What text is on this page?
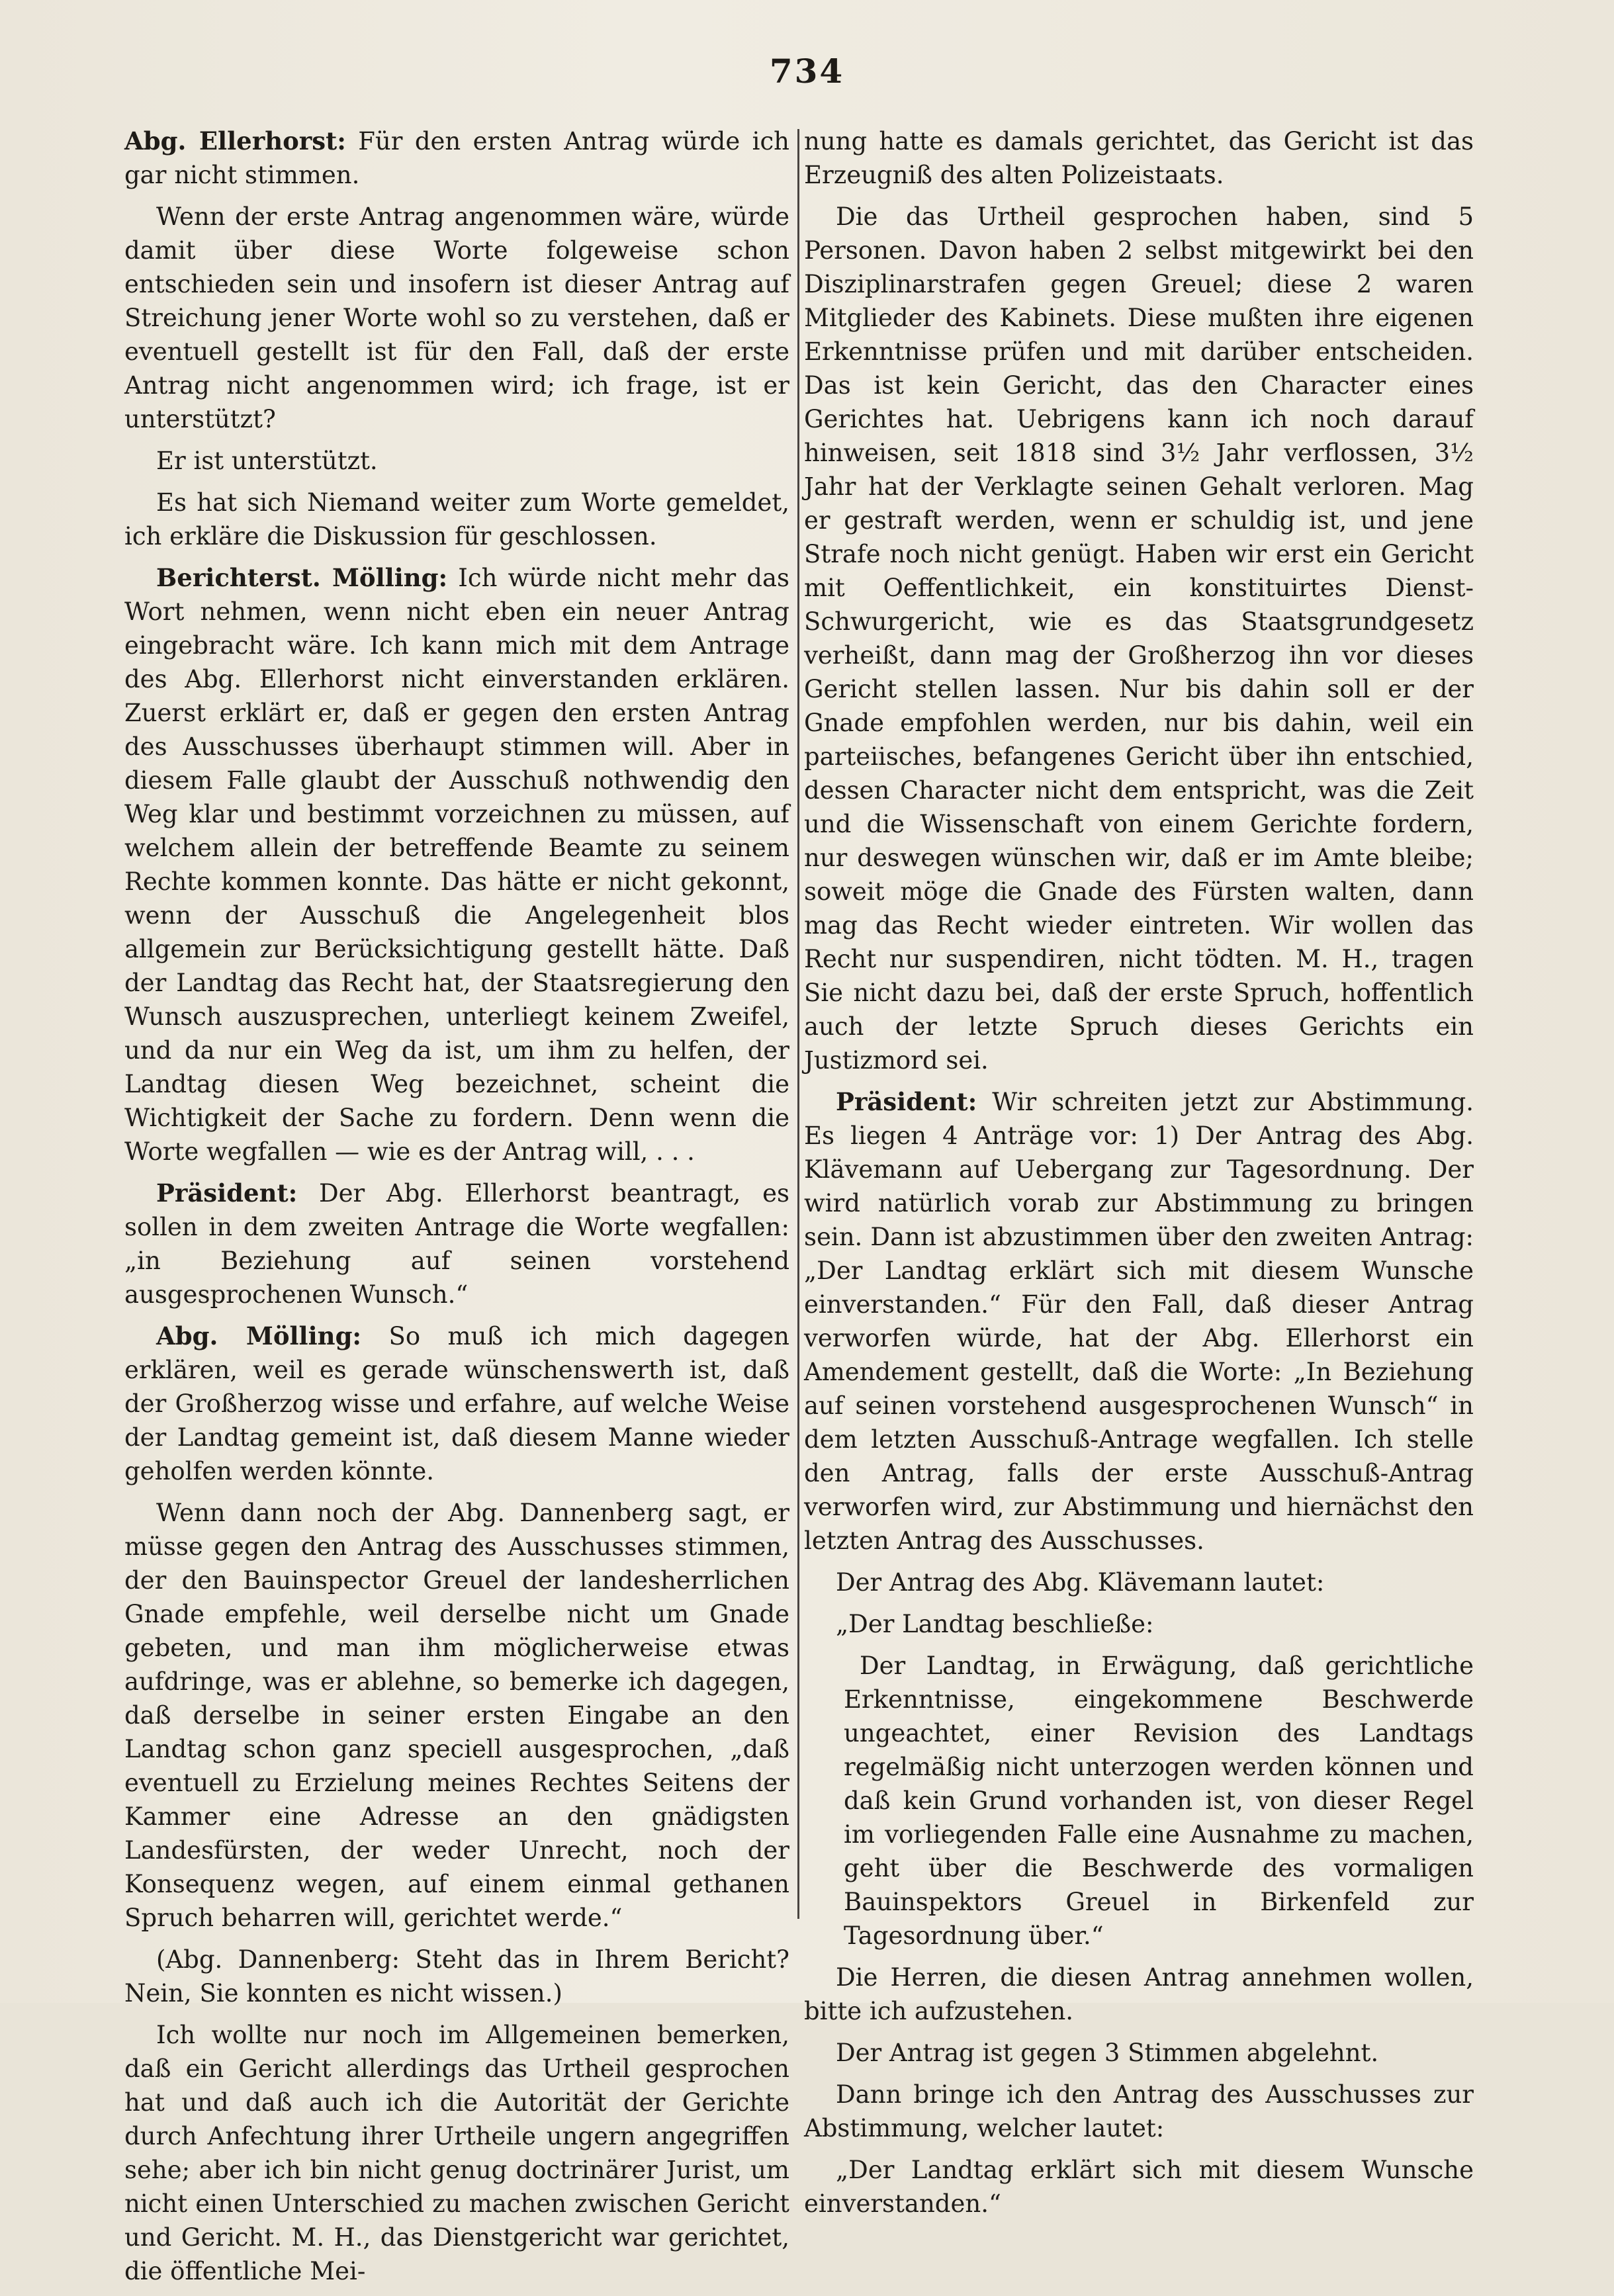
734

Abg. Ellerhorst: Für den ersten Antrag würde ich gar nicht stimmen.

Wenn der erste Antrag angenommen wäre, würde damit über diese Worte folgeweise schon entschieden sein und insofern ist dieser Antrag auf Streichung jener Worte wohl so zu verstehen, daß er eventuell gestellt ist für den Fall, daß der erste Antrag nicht angenommen wird; ich frage, ist er unterstützt?

Er ist unterstützt.

Es hat sich Niemand weiter zum Worte gemeldet, ich erkläre die Diskussion für geschlossen.

Berichterst. Mölling: Ich würde nicht mehr das Wort nehmen, wenn nicht eben ein neuer Antrag eingebracht wäre. Ich kann mich mit dem Antrage des Abg. Ellerhorst nicht einverstanden erklären. Zuerst erklärt er, daß er gegen den ersten Antrag des Ausschusses überhaupt stimmen will. Aber in diesem Falle glaubt der Ausschuß nothwendig den Weg klar und bestimmt vorzeichnen zu müssen, auf welchem allein der betreffende Beamte zu seinem Rechte kommen konnte. Das hätte er nicht gekonnt, wenn der Ausschuß die Angelegenheit blos allgemein zur Berücksichtigung gestellt hätte. Daß der Landtag das Recht hat, der Staatsregierung den Wunsch auszusprechen, unterliegt keinem Zweifel, und da nur ein Weg da ist, um ihm zu helfen, der Landtag diesen Weg bezeichnet, scheint die Wichtigkeit der Sache zu fordern. Denn wenn die Worte wegfallen — wie es der Antrag will, . . .

Präsident: Der Abg. Ellerhorst beantragt, es sollen in dem zweiten Antrage die Worte wegfallen: „in Beziehung auf seinen vorstehend ausgesprochenen Wunsch.“

Abg. Mölling: So muß ich mich dagegen erklären, weil es gerade wünschenswerth ist, daß der Großherzog wisse und erfahre, auf welche Weise der Landtag gemeint ist, daß diesem Manne wieder geholfen werden könnte.

Wenn dann noch der Abg. Dannenberg sagt, er müsse gegen den Antrag des Ausschusses stimmen, der den Bauinspector Greuel der landesherrlichen Gnade empfehle, weil derselbe nicht um Gnade gebeten, und man ihm möglicherweise etwas aufdringe, was er ablehne, so bemerke ich dagegen, daß derselbe in seiner ersten Eingabe an den Landtag schon ganz speciell ausgesprochen, „daß eventuell zu Erzielung meines Rechtes Seitens der Kammer eine Adresse an den gnädigsten Landesfürsten, der weder Unrecht, noch der Konsequenz wegen, auf einem einmal gethanen Spruch beharren will, gerichtet werde.“

(Abg. Dannenberg: Steht das in Ihrem Bericht? Nein, Sie konnten es nicht wissen.)

Ich wollte nur noch im Allgemeinen bemerken, daß ein Gericht allerdings das Urtheil gesprochen hat und daß auch ich die Autorität der Gerichte durch Anfechtung ihrer Urtheile ungern angegriffen sehe; aber ich bin nicht genug doctrinärer Jurist, um nicht einen Unterschied zu machen zwischen Gericht und Gericht. M. H., das Dienstgericht war gerichtet, die öffentliche Mei-

nung hatte es damals gerichtet, das Gericht ist das Erzeugniß des alten Polizeistaats.

Die das Urtheil gesprochen haben, sind 5 Personen. Davon haben 2 selbst mitgewirkt bei den Disziplinarstrafen gegen Greuel; diese 2 waren Mitglieder des Kabinets. Diese mußten ihre eigenen Erkenntnisse prüfen und mit darüber entscheiden. Das ist kein Gericht, das den Character eines Gerichtes hat. Uebrigens kann ich noch darauf hinweisen, seit 1818 sind 3½ Jahr verflossen, 3½ Jahr hat der Verklagte seinen Gehalt verloren. Mag er gestraft werden, wenn er schuldig ist, und jene Strafe noch nicht genügt. Haben wir erst ein Gericht mit Oeffentlichkeit, ein konstituirtes Dienst-Schwurgericht, wie es das Staatsgrundgesetz verheißt, dann mag der Großherzog ihn vor dieses Gericht stellen lassen. Nur bis dahin soll er der Gnade empfohlen werden, nur bis dahin, weil ein parteiisches, befangenes Gericht über ihn entschied, dessen Character nicht dem entspricht, was die Zeit und die Wissenschaft von einem Gerichte fordern, nur deswegen wünschen wir, daß er im Amte bleibe; soweit möge die Gnade des Fürsten walten, dann mag das Recht wieder eintreten. Wir wollen das Recht nur suspendiren, nicht tödten. M. H., tragen Sie nicht dazu bei, daß der erste Spruch, hoffentlich auch der letzte Spruch dieses Gerichts ein Justizmord sei.

Präsident: Wir schreiten jetzt zur Abstimmung. Es liegen 4 Anträge vor: 1) Der Antrag des Abg. Klävemann auf Uebergang zur Tagesordnung. Der wird natürlich vorab zur Abstimmung zu bringen sein. Dann ist abzustimmen über den zweiten Antrag: „Der Landtag erklärt sich mit diesem Wunsche einverstanden.“ Für den Fall, daß dieser Antrag verworfen würde, hat der Abg. Ellerhorst ein Amendement gestellt, daß die Worte: „In Beziehung auf seinen vorstehend ausgesprochenen Wunsch“ in dem letzten Ausschuß-Antrage wegfallen. Ich stelle den Antrag, falls der erste Ausschuß-Antrag verworfen wird, zur Abstimmung und hiernächst den letzten Antrag des Ausschusses.

Der Antrag des Abg. Klävemann lautet:

„Der Landtag beschließe:

Der Landtag, in Erwägung, daß gerichtliche Erkenntnisse, eingekommene Beschwerde ungeachtet, einer Revision des Landtags regelmäßig nicht unterzogen werden können und daß kein Grund vorhanden ist, von dieser Regel im vorliegenden Falle eine Ausnahme zu machen, geht über die Beschwerde des vormaligen Bauinspektors Greuel in Birkenfeld zur Tagesordnung über.“

Die Herren, die diesen Antrag annehmen wollen, bitte ich aufzustehen.

Der Antrag ist gegen 3 Stimmen abgelehnt.

Dann bringe ich den Antrag des Ausschusses zur Abstimmung, welcher lautet:

„Der Landtag erklärt sich mit diesem Wunsche einverstanden.“
